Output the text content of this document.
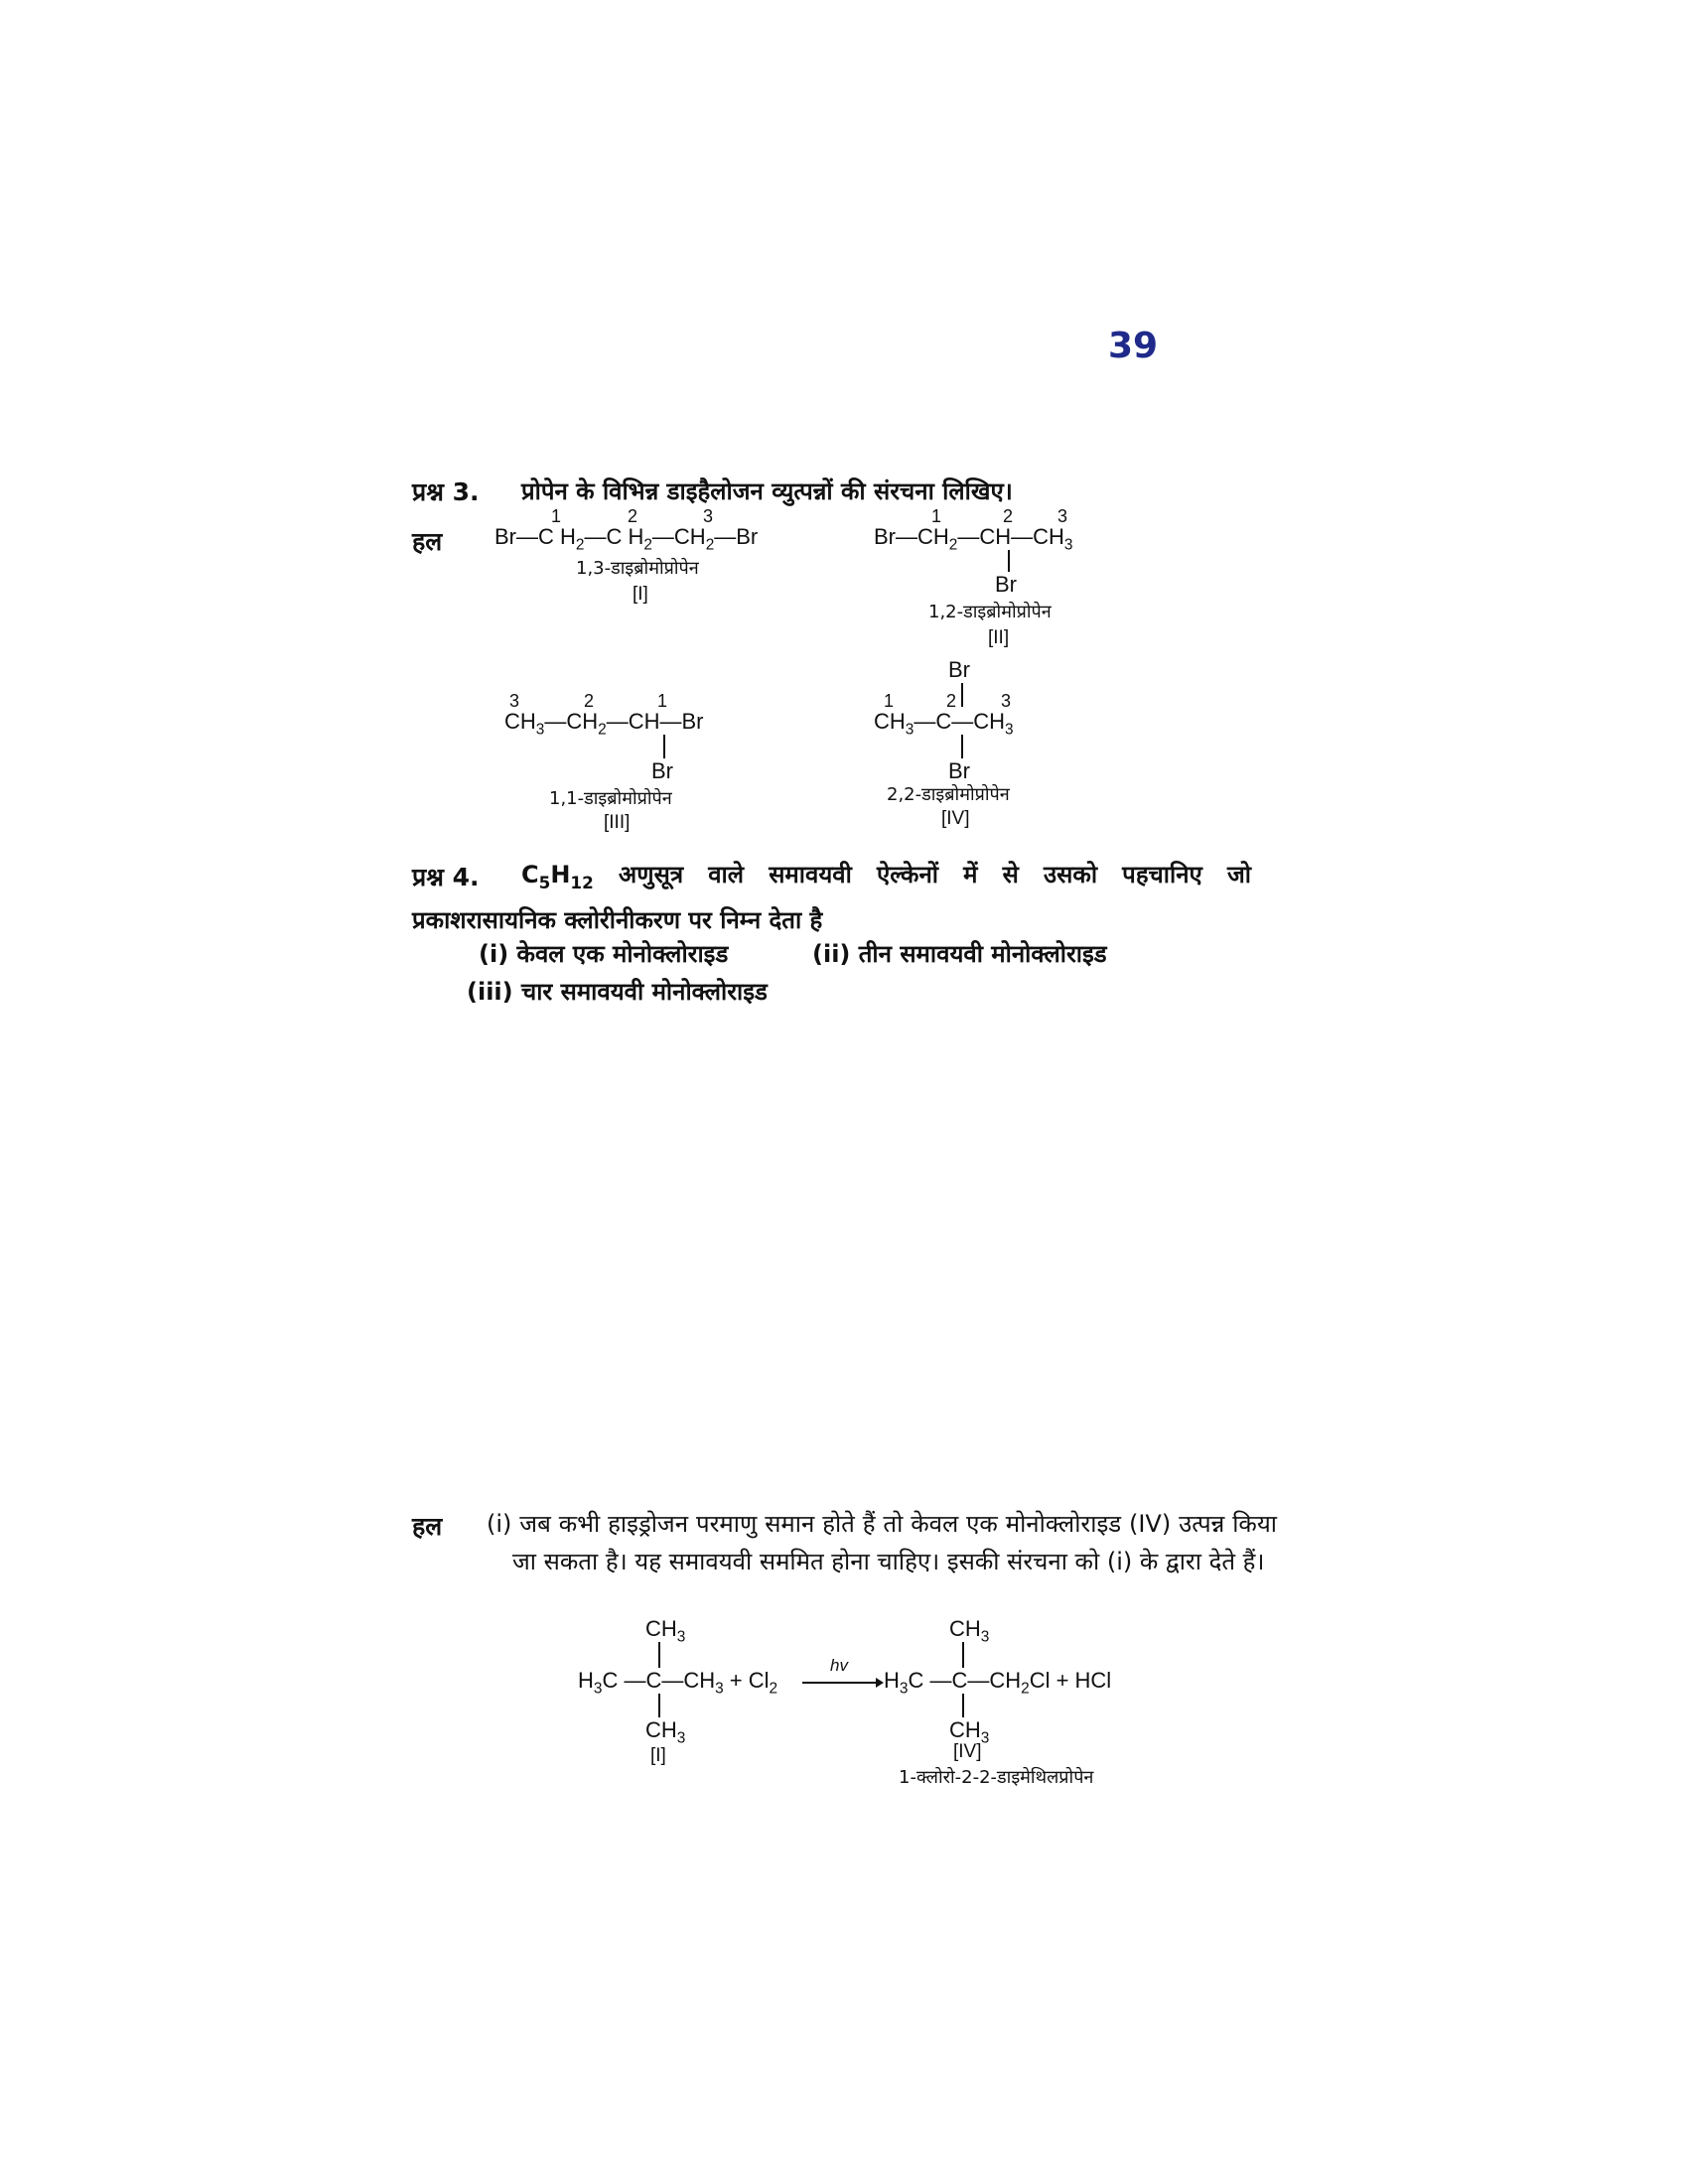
39
प्रश्न 3. प्रोपेन के विभिन्न डाइहैलोजन व्युत्पन्नों की संरचना लिखिए।
हल
1	2	3
Br—C $H_2—C$ $H_2—CH_2—Br$
1,3-डाइब्रोमोप्रोपेन
[I]
1	2 3
$Br—CH_2—CH—CH_3$
Br
1,2-डाइब्रोमोप्रोपेन
[II]
3	2	1
$CH_3—CH_2—CH—Br$
Br
1,1-डाइब्रोमोप्रोपेन
[III]
Br
1	2 3
$CH_3—C—CH_3$
Br
2,2-डाइब्रोमोप्रोपेन
[IV]
प्रश्न 4.	$C_5H_{12}$ अणुसूत्र वाले समावयवी ऐल्केनों में से उसको पहचानिए जो प्रकाशरासायनिक क्लोरीनीकरण पर निम्न देता है
(i) केवल एक मोनोक्लोराइड	(ii) तीन समावयवी मोनोक्लोराइड
(iii) चार समावयवी मोनोक्लोराइड
हल (i) जब कभी हाइड्रोजन परमाणु समान होते हैं तो केवल एक मोनोक्लोराइड (IV) उत्पन्न किया जा सकता है। यह समावयवी सममित होना चाहिए। इसकी संरचना को (i) के द्वारा देते हैं।
$CH_3$
$H_3C$ $—C—CH_3 + Cl_2$
$CH_3$
[I]
hv
$CH_3$
$H_3C$ $—C—CH_2Cl$ + HCl
$CH_3$
[IV]
1-क्लोरो-2-2-डाइमेथिलप्रोपेन
